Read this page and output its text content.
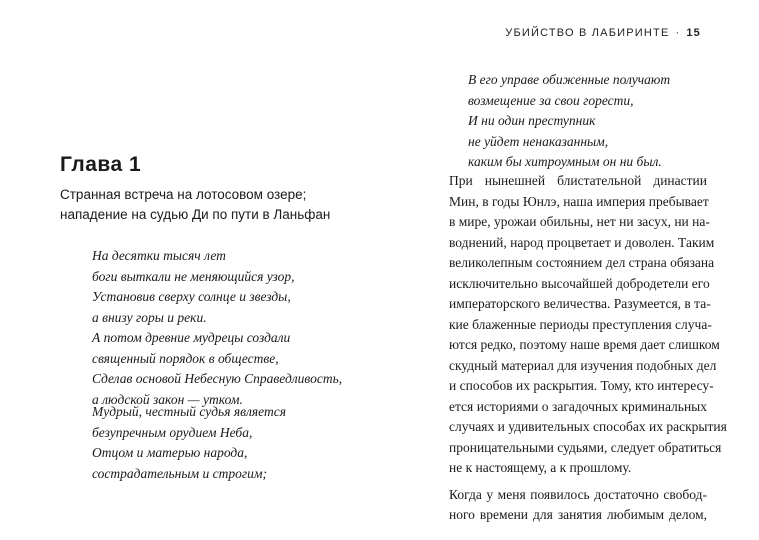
Глава 1

Странная встреча на лотосовом озере; нападение на судью Ди по пути в Ланьфан

На десятки тысяч лет
боги выткали не меняющийся узор,
Установив сверху солнце и звезды,
а внизу горы и реки.
А потом древние мудрецы создали
священный порядок в обществе,
Сделав основой Небесную Справедливость,
а людской закон — утком.
Мудрый, честный судья является
безупречным орудием Неба,
Отцом и матерью народа,
сострадательным и строгим;
УБИЙСТВО В ЛАБИРИНТЕ · 15
В его управе обиженные получают
возмещение за свои горести,
И ни один преступник
не уйдет ненаказанным,
каким бы хитроумным он ни был.

При нынешней блистательной династии
Мин, в годы Юнлэ, наша империя пребывает
в мире, урожаи обильны, нет ни засух, ни на-
воднений, народ процветает и доволен. Таким
великолепным состоянием дел страна обязана
исключительно высочайшей добродетели его
императорского величества. Разумеется, в та-
кие блаженные периоды преступления случа-
ются редко, поэтому наше время дает слишком
скудный материал для изучения подобных дел
и способов их раскрытия. Тому, кто интересу-
ется историями о загадочных криминальных
случаях и удивительных способах их раскрытия
проницательными судьями, следует обратиться
не к настоящему, а к прошлому.

Когда у меня появилось достаточно свобод-
ного времени для занятия любимым делом,
